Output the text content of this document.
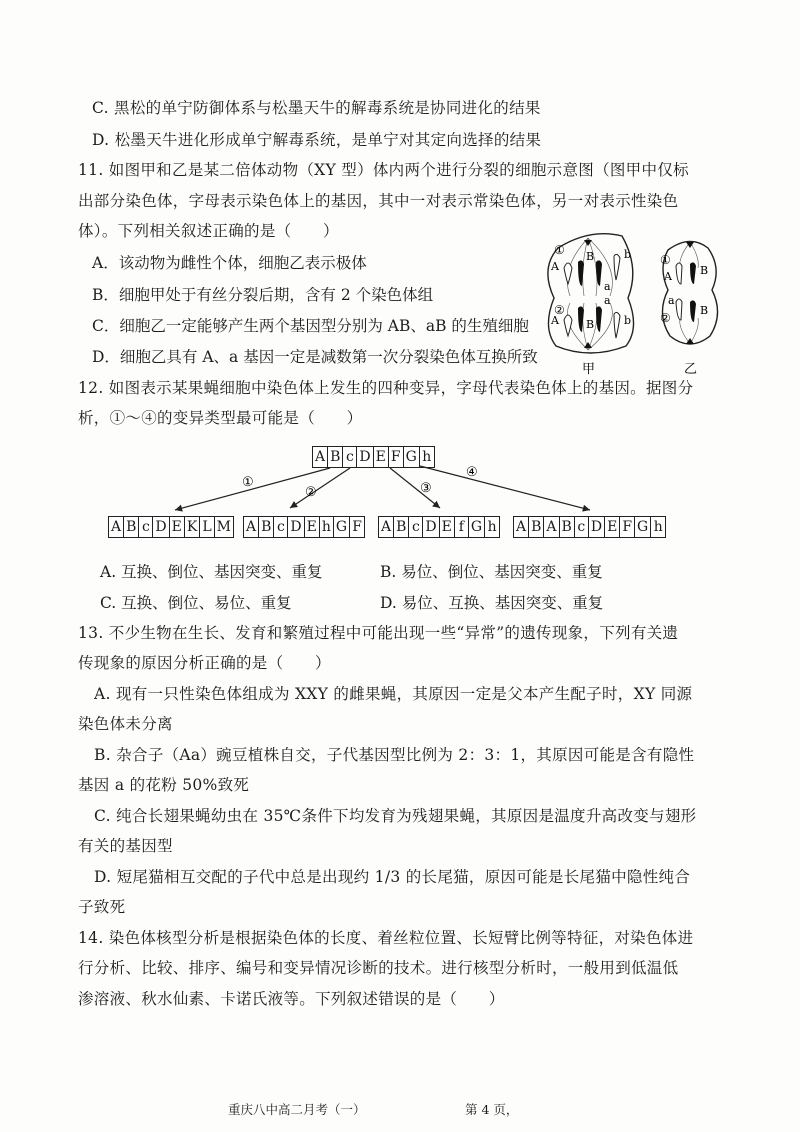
C. 黑松的单宁防御体系与松墨天牛的解毒系统是协同进化的结果
D. 松墨天牛进化形成单宁解毒系统，是单宁对其定向选择的结果
11. 如图甲和乙是某二倍体动物（XY 型）体内两个进行分裂的细胞示意图（图甲中仅标
出部分染色体，字母表示染色体上的基因，其中一对表示常染色体，另一对表示性染色
体）。下列相关叙述正确的是（　　）
A．该动物为雌性个体，细胞乙表示极体
B．细胞甲处于有丝分裂后期，含有 2 个染色体组
C．细胞乙一定能够产生两个基因型分别为 AB、aB 的生殖细胞
D．细胞乙具有 A、a 基因一定是减数第一次分裂染色体互换所致
A
B	b
a
a
B
A	b
①
②
甲
A
a
B
B
①
②
乙
12. 如图表示某果蝇细胞中染色体上发生的四种变异，字母代表染色体上的基因。据图分
析，①～④的变异类型最可能是（　　）
A B c D E F G h
①
②	③
④
A B c D E K L M A B c D E h G F A B c D E f G h A B A B c D E F G h
A. 互换、倒位、基因突变、重复	B. 易位、倒位、基因突变、重复
C. 互换、倒位、易位、重复	D. 易位、互换、基因突变、重复
13. 不少生物在生长、发育和繁殖过程中可能出现一些“异常”的遗传现象，下列有关遗
传现象的原因分析正确的是（　　）
A. 现有一只性染色体组成为 XXY 的雌果蝇，其原因一定是父本产生配子时，XY 同源
染色体未分离
B. 杂合子（Aa）豌豆植株自交，子代基因型比例为 2：3：1，其原因可能是含有隐性
基因 a 的花粉 50%致死
C. 纯合长翅果蝇幼虫在 35℃条件下均发育为残翅果蝇，其原因是温度升高改变与翅形
有关的基因型
D. 短尾猫相互交配的子代中总是出现约 1/3 的长尾猫，原因可能是长尾猫中隐性纯合
子致死
14. 染色体核型分析是根据染色体的长度、着丝粒位置、长短臂比例等特征，对染色体进
行分析、比较、排序、编号和变异情况诊断的技术。进行核型分析时，一般用到低温低
渗溶液、秋水仙素、卡诺氏液等。下列叙述错误的是（　　）
重庆八中高二月考（一）	第 4 页，
